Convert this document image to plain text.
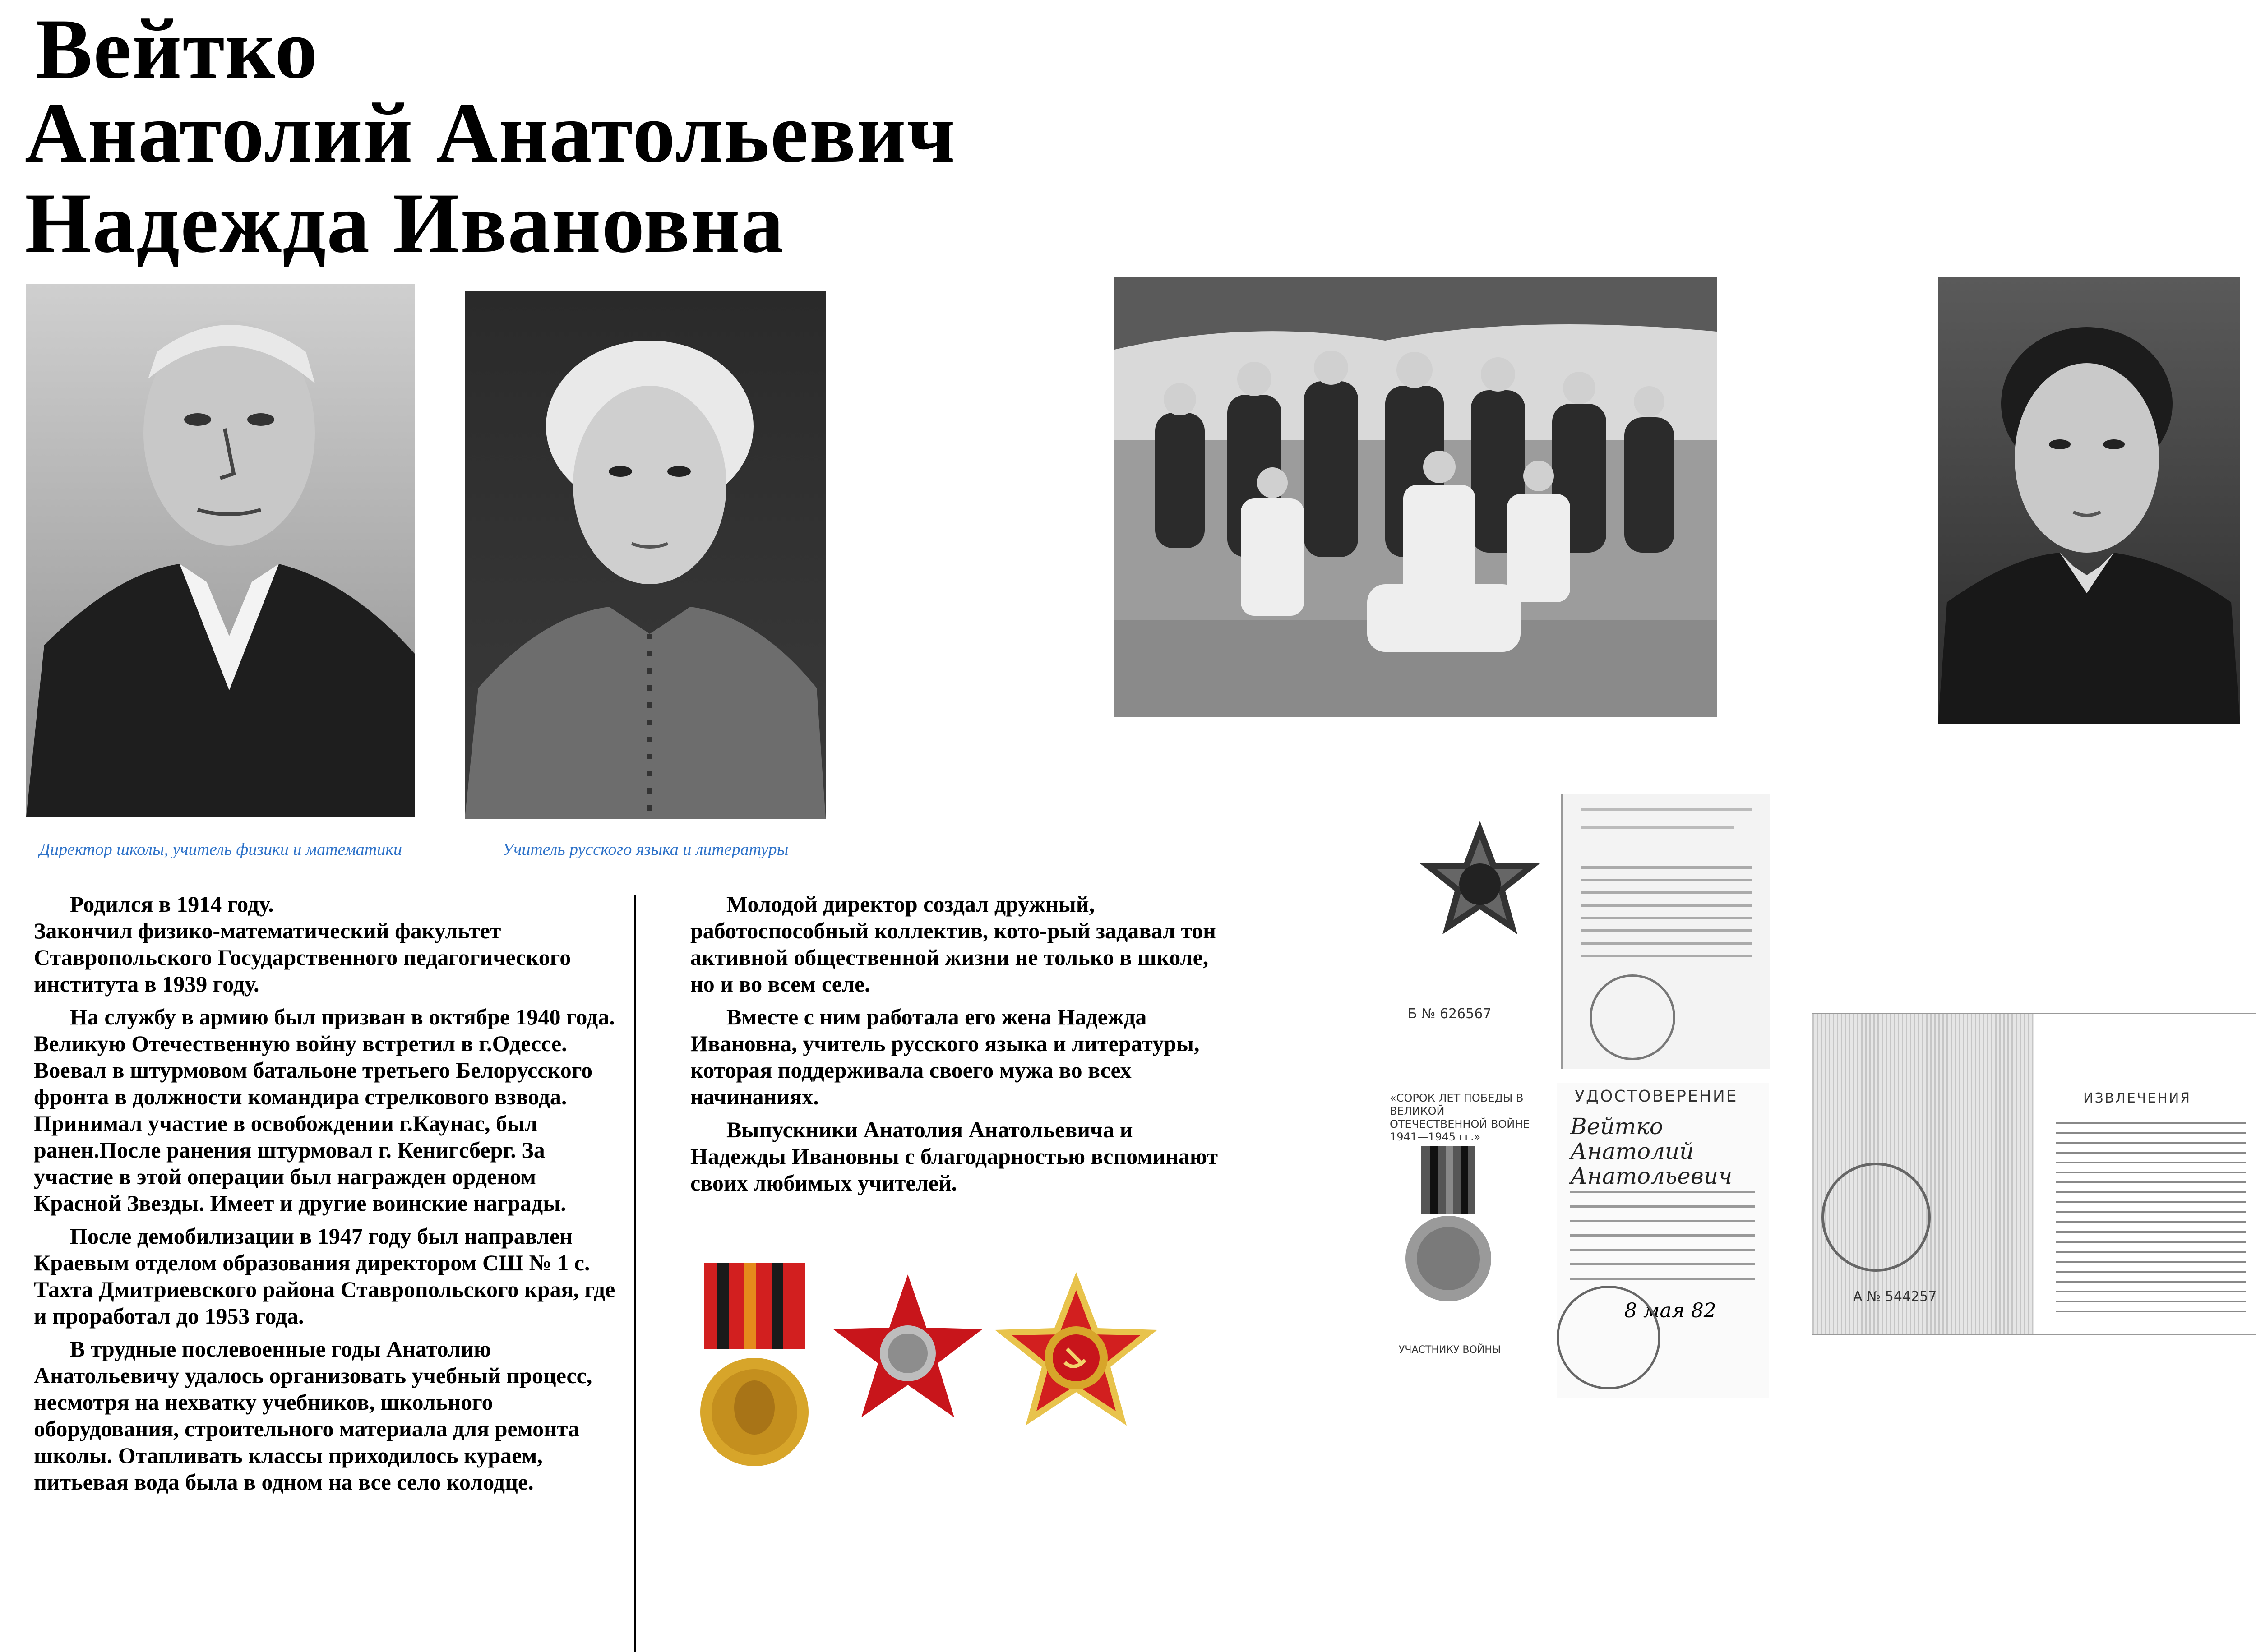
Вейтко
Анатолий Анатольевич
Надежда Ивановна
Директор школы, учитель физики и математики	Учитель русского языка и литературы

Родился в 1914 году.

Закончил физико-математический факультет Ставропольского Государственного педагогического института в 1939 году.

На службу в армию был призван в октябре 1940 года. Великую Отечественную войну встретил в г.Одессе. Воевал в штурмовом батальоне третьего Белорусского фронта в должности командира стрелкового взвода. Принимал участие в освобождении г.Каунас, был ранен.После ранения штурмовал г. Кенигсберг. За участие в этой операции был награжден орденом Красной Звезды. Имеет и другие воинские награды.

После демобилизации в 1947 году был направлен Краевым отделом образования директором СШ № 1 с. Тахта Дмитриевского района Ставропольского края, где и проработал до 1953 года.

В трудные послевоенные годы Анатолию Анатольевичу удалось организовать учебный процесс, несмотря на нехватку учебников, школьного оборудования, строительного материала для ремонта школы. Отапливать классы приходилось кураем, питьевая вода была в одном на все село колодце.

Молодой директор создал дружный, работоспособный коллектив, кото-рый задавал тон активной общественной жизни не только в школе, но и во всем селе.

Вместе с ним работала его жена Надежда Ивановна, учитель русского языка и литературы, которая поддерживала своего мужа во всех начинаниях.

Выпускники Анатолия Анатольевича и Надежды Ивановны с благодарностью вспоминают своих любимых учителей.

Б № 626567
«СОРОК ЛЕТ ПОБЕДЫ В ВЕЛИКОЙ ОТЕЧЕСТВЕННОЙ ВОЙНЕ 1941—1945 гг.»
УЧАСТНИКУ ВОЙНЫ
УДОСТОВЕРЕНИЕ
Вейтко Анатолий Анатольевич
8 мая 82
А № 544257
ИЗВЛЕЧЕНИЯ
